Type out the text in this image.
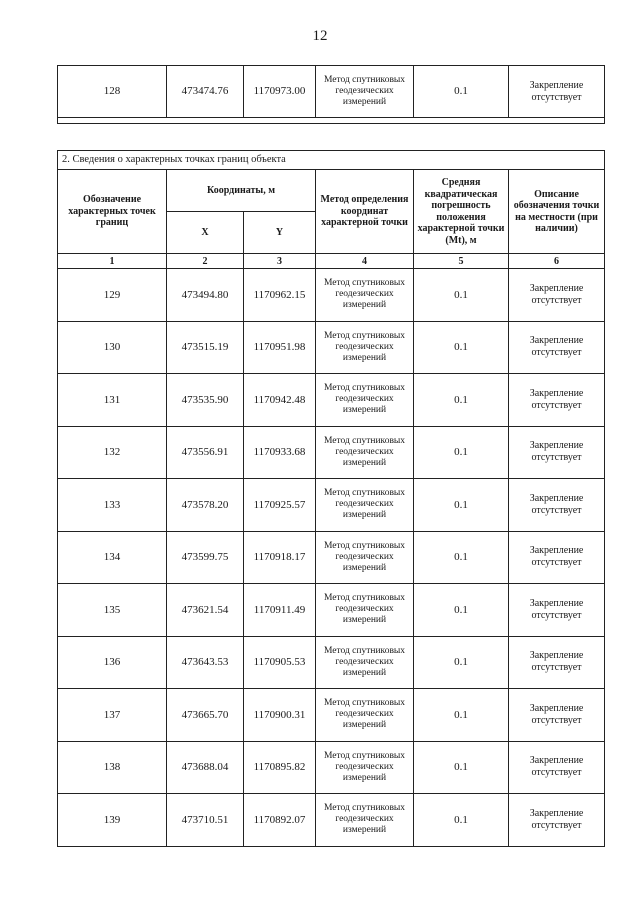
12
128	473474.76	1170973.00	Метод спутниковых геодезических измерений	0.1	Закрепление отсутствует

2. Сведения о характерных точках границ объекта					
Обозначение характерных точек границ	Координаты, м		Метод определения координат характерной точки	Средняя квадратическая погрешность положения характерной точки (Mt), м	Описание обозначения точки на местности (при наличии)
	X	Y			
1	2	3	4	5	6
129	473494.80	1170962.15	Метод спутниковых геодезических измерений	0.1	Закрепление отсутствует
130	473515.19	1170951.98	Метод спутниковых геодезических измерений	0.1	Закрепление отсутствует
131	473535.90	1170942.48	Метод спутниковых геодезических измерений	0.1	Закрепление отсутствует
132	473556.91	1170933.68	Метод спутниковых геодезических измерений	0.1	Закрепление отсутствует
133	473578.20	1170925.57	Метод спутниковых геодезических измерений	0.1	Закрепление отсутствует
134	473599.75	1170918.17	Метод спутниковых геодезических измерений	0.1	Закрепление отсутствует
135	473621.54	1170911.49	Метод спутниковых геодезических измерений	0.1	Закрепление отсутствует
136	473643.53	1170905.53	Метод спутниковых геодезических измерений	0.1	Закрепление отсутствует
137	473665.70	1170900.31	Метод спутниковых геодезических измерений	0.1	Закрепление отсутствует
138	473688.04	1170895.82	Метод спутниковых геодезических измерений	0.1	Закрепление отсутствует
139	473710.51	1170892.07	Метод спутниковых геодезических измерений	0.1	Закрепление отсутствует
